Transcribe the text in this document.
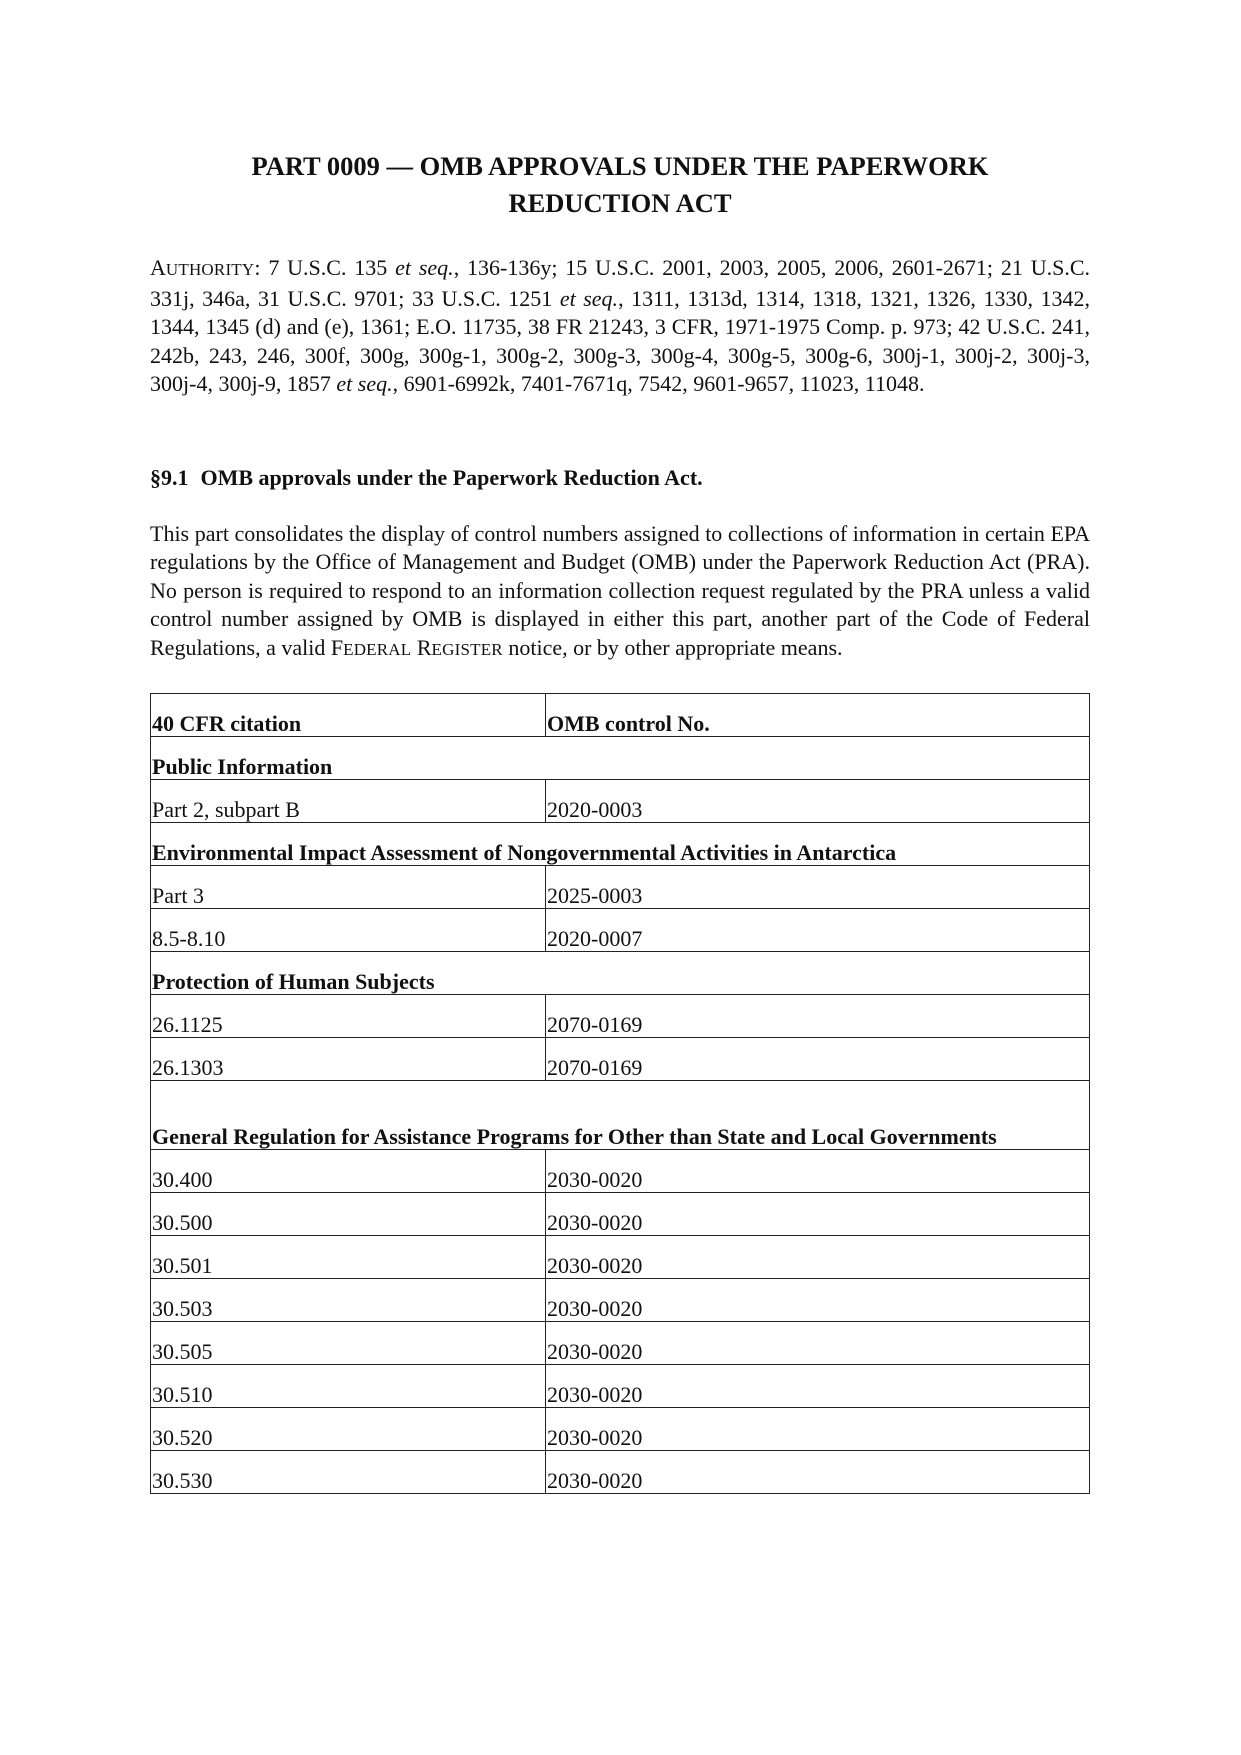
PART 0009 — OMB APPROVALS UNDER THE PAPERWORK
REDUCTION ACT
AUTHORITY: 7 U.S.C. 135 et seq., 136-136y; 15 U.S.C. 2001, 2003, 2005, 2006, 2601-2671; 21 U.S.C. 331j, 346a, 31 U.S.C. 9701; 33 U.S.C. 1251 et seq., 1311, 1313d, 1314, 1318, 1321, 1326, 1330, 1342, 1344, 1345 (d) and (e), 1361; E.O. 11735, 38 FR 21243, 3 CFR, 1971-1975 Comp. p. 973; 42 U.S.C. 241, 242b, 243, 246, 300f, 300g, 300g-1, 300g-2, 300g-3, 300g-4, 300g-5, 300g-6, 300j-1, 300j-2, 300j-3, 300j-4, 300j-9, 1857 et seq., 6901-6992k, 7401-7671q, 7542, 9601-9657, 11023, 11048.
§9.1 OMB approvals under the Paperwork Reduction Act.
This part consolidates the display of control numbers assigned to collections of information in certain EPA regulations by the Office of Management and Budget (OMB) under the Paperwork Reduction Act (PRA). No person is required to respond to an information collection request regulated by the PRA unless a valid control number assigned by OMB is displayed in either this part, another part of the Code of Federal Regulations, a valid FEDERAL REGISTER notice, or by other appropriate means.
40 CFR citation	OMB control No.
Public Information	
Part 2, subpart B	2020-0003
Environmental Impact Assessment of Nongovernmental Activities in Antarctica	
Part 3	2025-0003
8.5-8.10	2020-0007
Protection of Human Subjects	
26.1125	2070-0169
26.1303	2070-0169
General Regulation for Assistance Programs for Other than State and Local Governments	
30.400	2030-0020
30.500	2030-0020
30.501	2030-0020
30.503	2030-0020
30.505	2030-0020
30.510	2030-0020
30.520	2030-0020
30.530	2030-0020
